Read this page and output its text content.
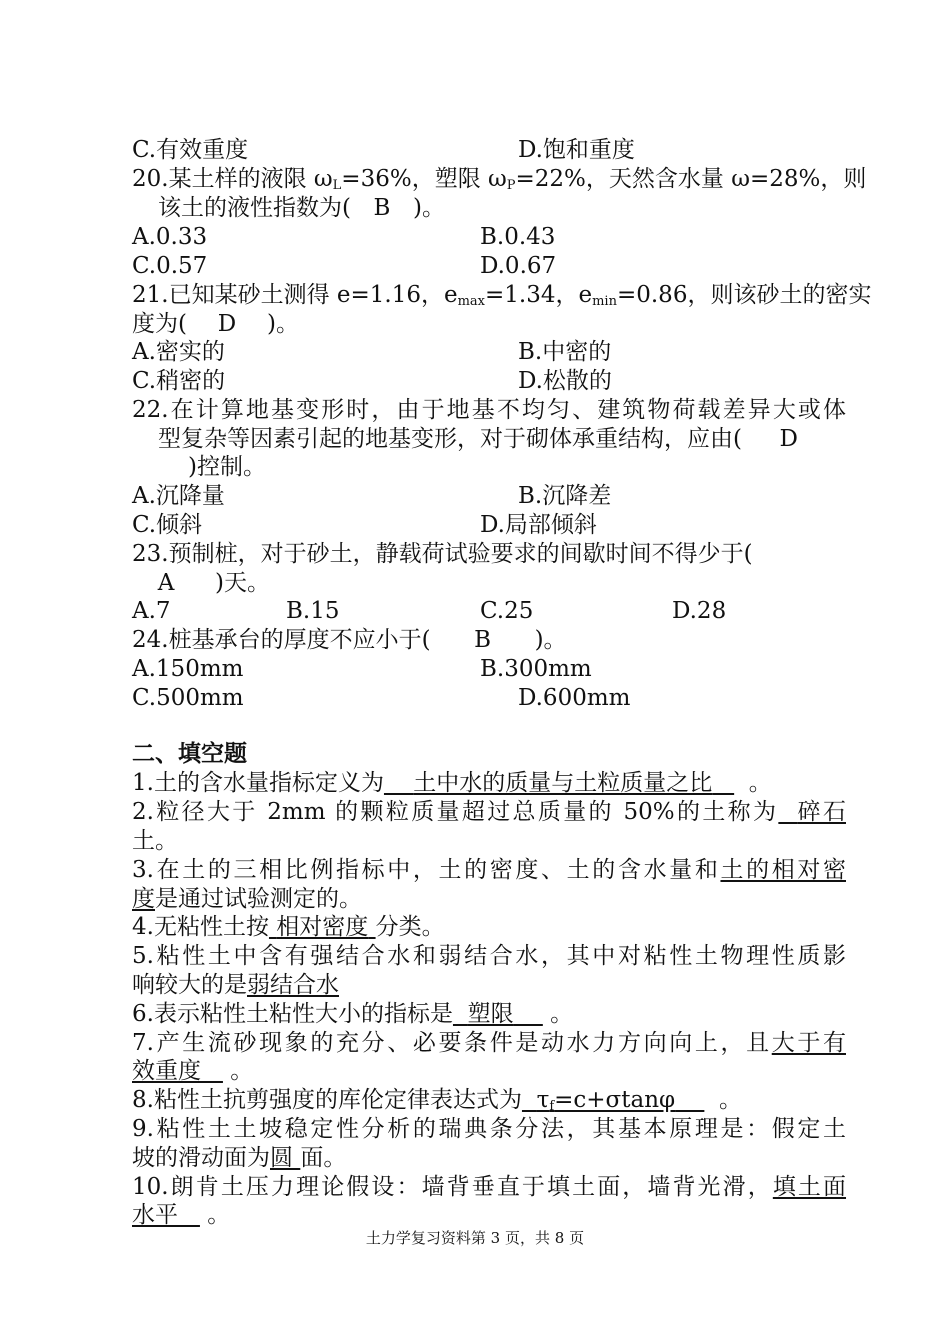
C.有效重度	D.饱和重度
20.某土样的液限 $\omega_L=36\%$，塑限 $\omega_P=22\%$，天然含水量 ω=28%，则
该土的液性指数为( B )。
A.0.33	B.0.43
C.0.57	D.0.67
21.已知某砂土测得 e=1.16，$e_{max}=1.34$，$e_{min}=0.86$，则该砂土的密实
度为( D )。
A.密实的	B.中密的
C.稍密的	D.松散的
22.在计算地基变形时，由于地基不均匀、建筑物荷载差异大或体
型复杂等因素引起的地基变形，对于砌体承重结构，应由( D
)控制。
A.沉降量	B.沉降差
C.倾斜	D.局部倾斜
23.预制桩，对于砂土，静载荷试验要求的间歇时间不得少于(
A )天。
A.7	B.15	C.25	D.28
24.桩基承台的厚度不应小于( B )。
A.150mm	B.300mm
C.500mm	D.600mm
二、填空题
1.土的含水量指标定义为 土中水的质量与土粒质量之比 。
2.粒径大于 2mm 的颗粒质量超过总质量的 50%的土称为 碎石
土。
3.在土的三相比例指标中，土的密度、土的含水量和土的相对密
度是通过试验测定的。
4.无粘性土按 相对密度 分类。
5.粘性土中含有强结合水和弱结合水，其中对粘性土物理性质影
响较大的是弱结合水
6.表示粘性土粘性大小的指标是 塑限 。
7.产生流砂现象的充分、必要条件是动水力方向向上，且大于有
效重度 。
8.粘性土抗剪强度的库伦定律表达式为 $\tau_f=c+\sigma\tan\varphi$ 。
9.粘性土土坡稳定性分析的瑞典条分法，其基本原理是：假定土
坡的滑动面为圆 面。
10.朗肯土压力理论假设：墙背垂直于填土面，墙背光滑，填土面
水平 。
土力学复习资料第 3 页，共 8 页
